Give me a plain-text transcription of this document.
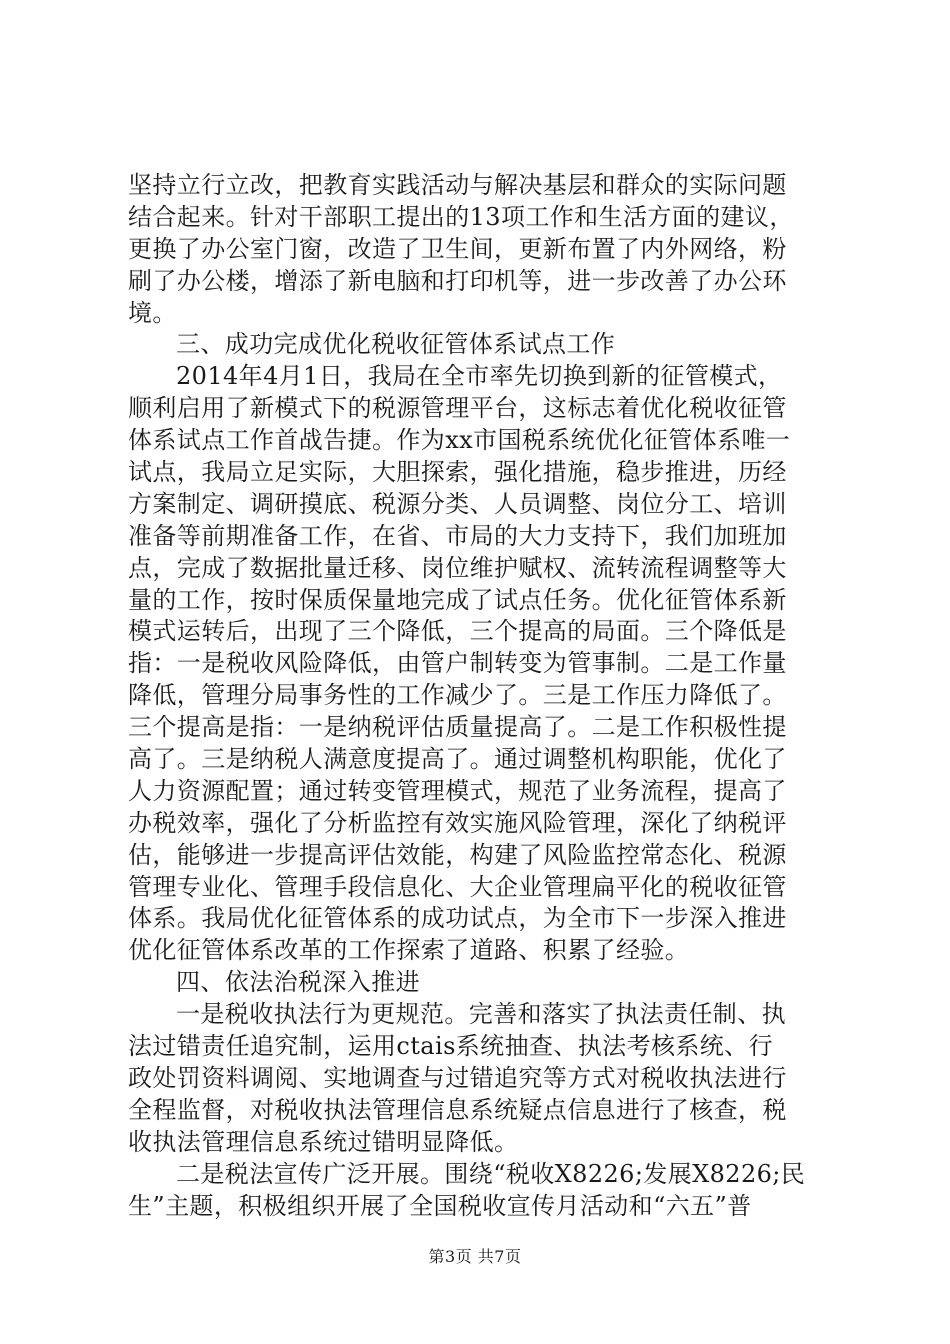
坚持立行立改，把教育实践活动与解决基层和群众的实际问题
结合起来。针对干部职工提出的13项工作和生活方面的建议，
更换了办公室门窗，改造了卫生间，更新布置了内外网络，粉
刷了办公楼，增添了新电脑和打印机等，进一步改善了办公环
境。
三、成功完成优化税收征管体系试点工作
2014年4月1日，我局在全市率先切换到新的征管模式，
顺利启用了新模式下的税源管理平台，这标志着优化税收征管
体系试点工作首战告捷。作为xx市国税系统优化征管体系唯一
试点，我局立足实际，大胆探索，强化措施，稳步推进，历经
方案制定、调研摸底、税源分类、人员调整、岗位分工、培训
准备等前期准备工作，在省、市局的大力支持下，我们加班加
点，完成了数据批量迁移、岗位维护赋权、流转流程调整等大
量的工作，按时保质保量地完成了试点任务。优化征管体系新
模式运转后，出现了三个降低，三个提高的局面。三个降低是
指：一是税收风险降低，由管户制转变为管事制。二是工作量
降低，管理分局事务性的工作减少了。三是工作压力降低了。
三个提高是指：一是纳税评估质量提高了。二是工作积极性提
高了。三是纳税人满意度提高了。通过调整机构职能，优化了
人力资源配置；通过转变管理模式，规范了业务流程，提高了
办税效率，强化了分析监控有效实施风险管理，深化了纳税评
估，能够进一步提高评估效能，构建了风险监控常态化、税源
管理专业化、管理手段信息化、大企业管理扁平化的税收征管
体系。我局优化征管体系的成功试点，为全市下一步深入推进
优化征管体系改革的工作探索了道路、积累了经验。
四、依法治税深入推进
一是税收执法行为更规范。完善和落实了执法责任制、执
法过错责任追究制，运用ctais系统抽查、执法考核系统、行
政处罚资料调阅、实地调查与过错追究等方式对税收执法进行
全程监督，对税收执法管理信息系统疑点信息进行了核查，税
收执法管理信息系统过错明显降低。
二是税法宣传广泛开展。围绕“税收X8226;发展X8226;民
生”主题，积极组织开展了全国税收宣传月活动和“六五”普
第3页 共7页
